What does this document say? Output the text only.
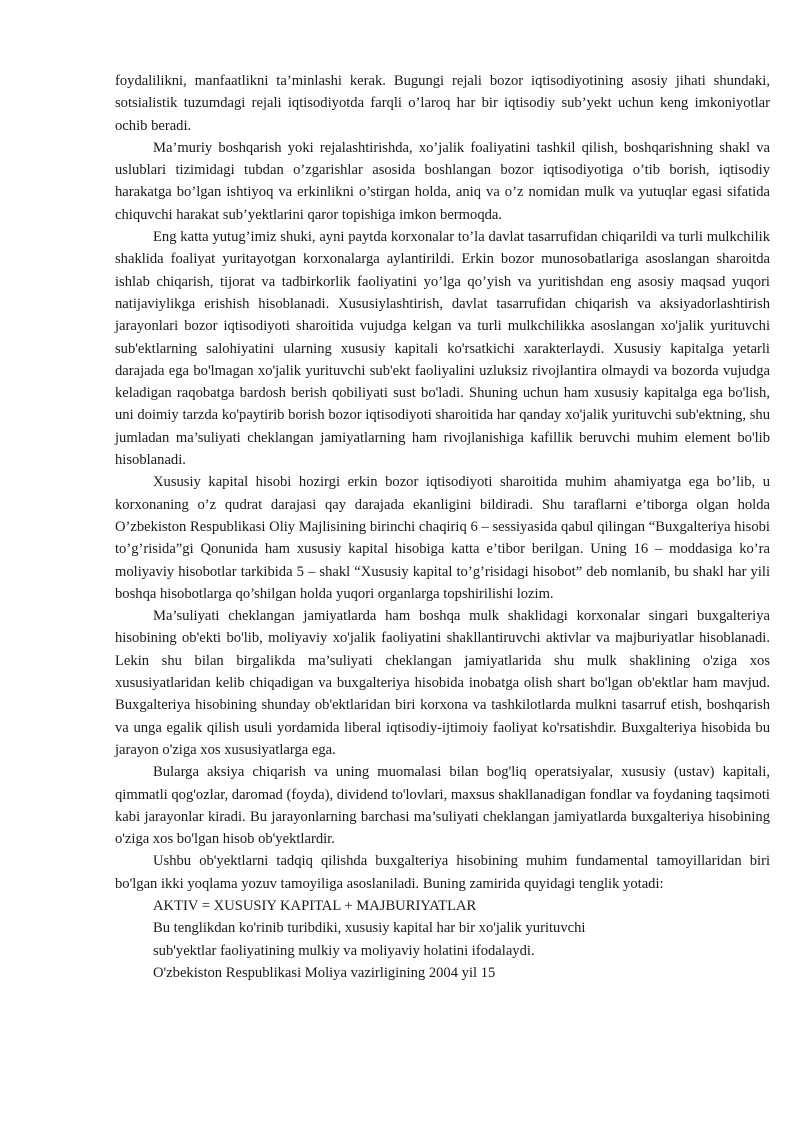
foydalilikni, manfaatlikni ta’minlashi kerak. Bugungi rejali bozor iqtisodiyotining asosiy jihati shundaki, sotsialistik tuzumdagi rejali iqtisodiyotda farqli o’laroq har bir iqtisodiy sub’yekt uchun keng imkoniyotlar ochib beradi.

Ma’muriy boshqarish yoki rejalashtirishda, xo’jalik foaliyatini tashkil qilish, boshqarishning shakl va uslublari tizimidagi tubdan o’zgarishlar asosida boshlangan bozor iqtisodiyotiga o’tib borish, iqtisodiy harakatga bo’lgan ishtiyoq va erkinlikni o’stirgan holda, aniq va o’z nomidan mulk va yutuqlar egasi sifatida chiquvchi harakat sub’yektlarini qaror topishiga imkon bermoqda.

Eng katta yutug’imiz shuki, ayni paytda korxonalar to’la davlat tasarrufidan chiqarildi va turli mulkchilik shaklida foaliyat yuritayotgan korxonalarga aylantirildi. Erkin bozor munosobatlariga asoslangan sharoitda ishlab chiqarish, tijorat va tadbirkorlik faoliyatini yo’lga qo’yish va yuritishdan eng asosiy maqsad yuqori natijaviylikga erishish hisoblanadi. Xususiylashtirish, davlat tasarrufidan chiqarish va aksiyadorlashtirish jarayonlari bozor iqtisodiyoti sharoitida vujudga kelgan va turli mulkchilikka asoslangan xo'jalik yurituvchi sub'ektlarning salohiyatini ularning xususiy kapitali ko'rsatkichi xarakterlaydi. Xususiy kapitalga yetarli darajada ega bo'lmagan xo'jalik yurituvchi sub'ekt faoliyalini uzluksiz rivojlantira olmaydi va bozorda vujudga keladigan raqobatga bardosh berish qobiliyati sust bo'ladi. Shuning uchun ham xususiy kapitalga ega bo'lish, uni doimiy tarzda ko'paytirib borish bozor iqtisodiyoti sharoitida har qanday xo'jalik yurituvchi sub'ektning, shu jumladan ma’suliyati cheklangan jamiyatlarning ham rivojlanishiga kafillik beruvchi muhim element bo'lib hisoblanadi.

Xususiy kapital hisobi hozirgi erkin bozor iqtisodiyoti sharoitida muhim ahamiyatga ega bo’lib, u korxonaning o’z qudrat darajasi qay darajada ekanligini bildiradi. Shu taraflarni e’tiborga olgan holda O’zbekiston Respublikasi Oliy Majlisining birinchi chaqiriq 6 – sessiyasida qabul qilingan “Buxgalteriya hisobi to’g’risida”gi Qonunida ham xususiy kapital hisobiga katta e’tibor berilgan. Uning 16 – moddasiga ko’ra moliyaviy hisobotlar tarkibida 5 – shakl “Xususiy kapital to’g’risidagi hisobot” deb nomlanib, bu shakl har yili boshqa hisobotlarga qo’shilgan holda yuqori organlarga topshirilishi lozim.

Ma’suliyati cheklangan jamiyatlarda ham boshqa mulk shaklidagi korxonalar singari buxgalteriya hisobining ob'ekti bo'lib, moliyaviy xo'jalik faoliyatini shakllantiruvchi aktivlar va majburiyatlar hisoblanadi. Lekin shu bilan birgalikda ma’suliyati cheklangan jamiyatlarida shu mulk shaklining o'ziga xos xususiyatlaridan kelib chiqadigan va buxgalteriya hisobida inobatga olish shart bo'lgan ob'ektlar ham mavjud. Buxgalteriya hisobining shunday ob'ektlaridan biri korxona va tashkilotlarda mulkni tasarruf etish, boshqarish va unga egalik qilish usuli yordamida liberal iqtisodiy-ijtimoiy faoliyat ko'rsatishdir. Buxgalteriya hisobida bu jarayon o'ziga xos xususiyatlarga ega.

Bularga aksiya chiqarish va uning muomalasi bilan bog'liq operatsiyalar, xususiy (ustav) kapitali, qimmatli qog'ozlar, daromad (foyda), dividend to'lovlari, maxsus shakllanadigan fondlar va foydaning taqsimoti kabi jarayonlar kiradi. Bu jarayonlarning barchasi ma’suliyati cheklangan jamiyatlarda buxgalteriya hisobining o'ziga xos bo'lgan hisob ob'yektlardir.

Ushbu ob'yektlarni tadqiq qilishda buxgalteriya hisobining muhim fundamental tamoyillaridan biri bo'lgan ikki yoqlama yozuv tamoyiliga asoslaniladi. Buning zamirida quyidagi tenglik yotadi:

AKTIV = XUSUSIY KAPITAL + MAJBURIYATLAR

Bu tenglikdan ko'rinib turibdiki, xususiy kapital har bir xo'jalik yurituvchi

sub'yektlar faoliyatining mulkiy va moliyaviy holatini ifodalaydi.

O'zbekiston Respublikasi Moliya vazirligining 2004 yil 15
